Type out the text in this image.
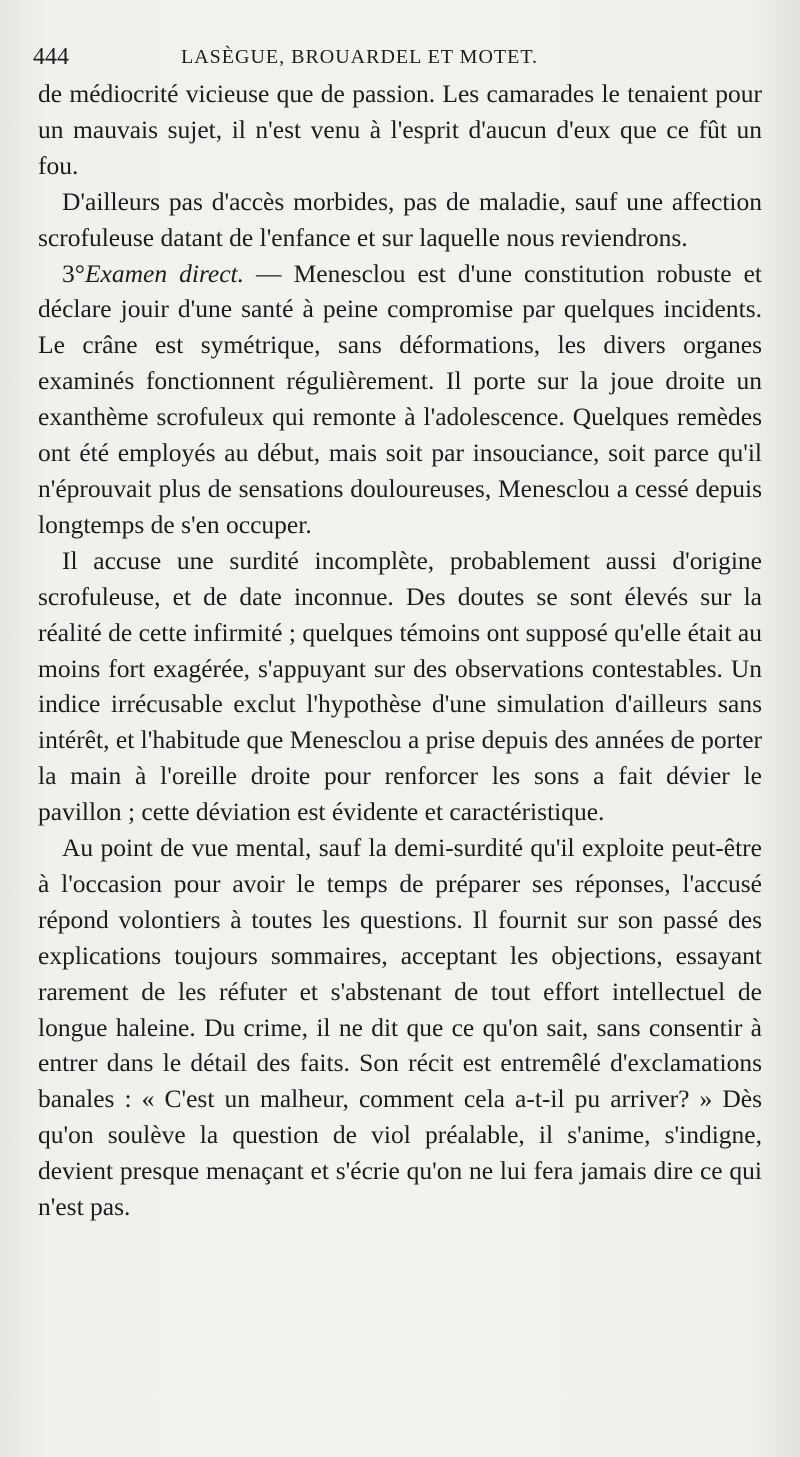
444	LASÈGUE, BROUARDEL ET MOTET.

de médiocrité vicieuse que de passion. Les camarades le tenaient pour un mauvais sujet, il n'est venu à l'esprit d'aucun d'eux que ce fût un fou.

D'ailleurs pas d'accès morbides, pas de maladie, sauf une affection scrofuleuse datant de l'enfance et sur laquelle nous reviendrons.

3°Examen direct. — Menesclou est d'une constitution robuste et déclare jouir d'une santé à peine compromise par quelques incidents. Le crâne est symétrique, sans déformations, les divers organes examinés fonctionnent régulièrement. Il porte sur la joue droite un exanthème scrofuleux qui remonte à l'adolescence. Quelques remèdes ont été employés au début, mais soit par insouciance, soit parce qu'il n'éprouvait plus de sensations douloureuses, Menesclou a cessé depuis longtemps de s'en occuper.

Il accuse une surdité incomplète, probablement aussi d'origine scrofuleuse, et de date inconnue. Des doutes se sont élevés sur la réalité de cette infirmité ; quelques témoins ont supposé qu'elle était au moins fort exagérée, s'appuyant sur des observations contestables. Un indice irrécusable exclut l'hypothèse d'une simulation d'ailleurs sans intérêt, et l'habitude que Menesclou a prise depuis des années de porter la main à l'oreille droite pour renforcer les sons a fait dévier le pavillon ; cette déviation est évidente et caractéristique.

Au point de vue mental, sauf la demi-surdité qu'il exploite peut-être à l'occasion pour avoir le temps de préparer ses réponses, l'accusé répond volontiers à toutes les questions. Il fournit sur son passé des explications toujours sommaires, acceptant les objections, essayant rarement de les réfuter et s'abstenant de tout effort intellectuel de longue haleine. Du crime, il ne dit que ce qu'on sait, sans consentir à entrer dans le détail des faits. Son récit est entremêlé d'exclamations banales : « C'est un malheur, comment cela a-t-il pu arriver? » Dès qu'on soulève la question de viol préalable, il s'anime, s'indigne, devient presque menaçant et s'écrie qu'on ne lui fera jamais dire ce qui n'est pas.
